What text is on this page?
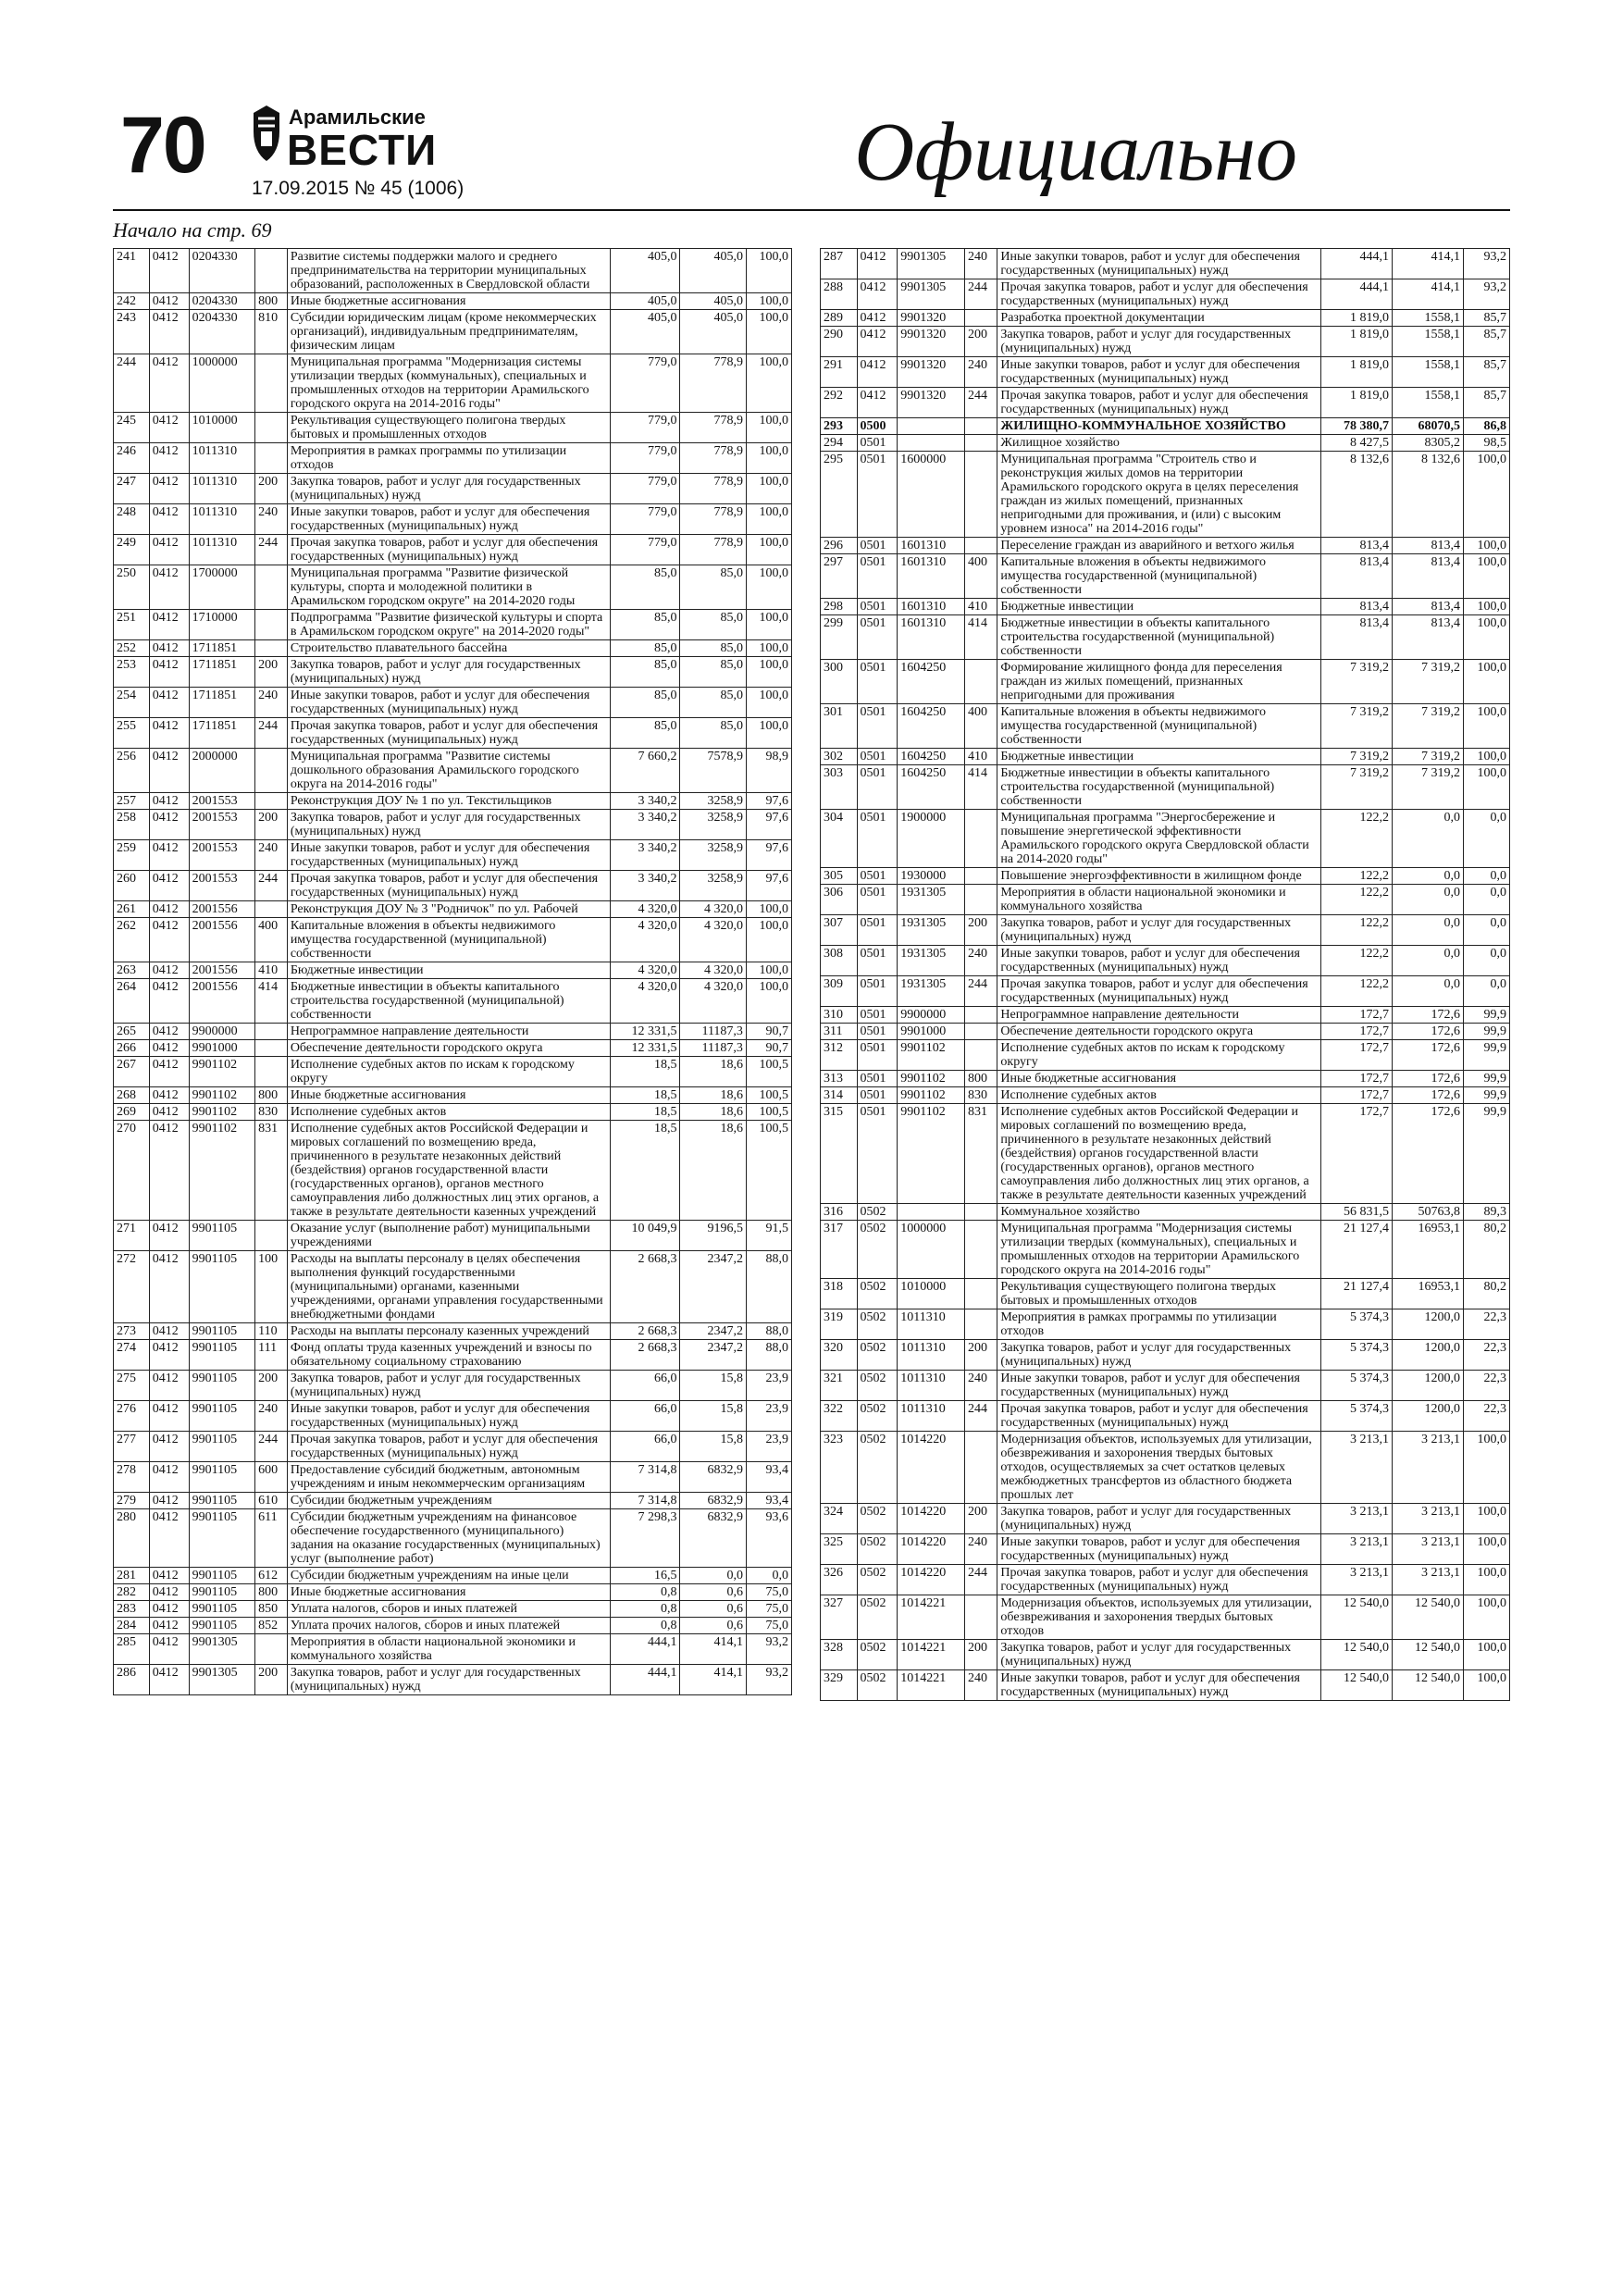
70	Арамильские
ВЕСТИ
17.09.2015 № 45 (1006)	Официально
Начало на стр. 69
241	0412	0204330		Развитие системы поддержки малого и среднего предпринимательства на территории муниципальных образований, расположенных в Свердловской области	405,0	405,0	100,0
242	0412	0204330	800	Иные бюджетные ассигнования	405,0	405,0	100,0
243	0412	0204330	810	Субсидии юридическим лицам (кроме некоммерческих организаций), индивидуальным предпринимателям, физическим лицам	405,0	405,0	100,0
244	0412	1000000		Муниципальная программа "Модернизация системы утилизации твердых (коммунальных), специальных и промышленных отходов на территории Арамильского городского округа на 2014-2016 годы"	779,0	778,9	100,0
245	0412	1010000		Рекультивация существующего полигона твердых бытовых и промышленных отходов	779,0	778,9	100,0
246	0412	1011310		Мероприятия в рамках программы по утилизации отходов	779,0	778,9	100,0
247	0412	1011310	200	Закупка товаров, работ и услуг для государственных (муниципальных) нужд	779,0	778,9	100,0
248	0412	1011310	240	Иные закупки товаров, работ и услуг для обеспечения государственных (муниципальных) нужд	779,0	778,9	100,0
249	0412	1011310	244	Прочая закупка товаров, работ и услуг для обеспечения государственных (муниципальных) нужд	779,0	778,9	100,0
250	0412	1700000		Муниципальная программа "Развитие физической культуры, спорта и молодежной политики в Арамильском городском округе" на 2014-2020 годы	85,0	85,0	100,0
251	0412	1710000		Подпрограмма "Развитие физической культуры и спорта в Арамильском городском округе" на 2014-2020 годы"	85,0	85,0	100,0
252	0412	1711851		Строительство плавательного бассейна	85,0	85,0	100,0
253	0412	1711851	200	Закупка товаров, работ и услуг для государственных (муниципальных) нужд	85,0	85,0	100,0
254	0412	1711851	240	Иные закупки товаров, работ и услуг для обеспечения государственных (муниципальных) нужд	85,0	85,0	100,0
255	0412	1711851	244	Прочая закупка товаров, работ и услуг для обеспечения государственных (муниципальных) нужд	85,0	85,0	100,0
256	0412	2000000		Муниципальная программа "Развитие системы дошкольного образования Арамильского городского округа на 2014-2016 годы"	7 660,2	7578,9	98,9
257	0412	2001553		Реконструкция ДОУ № 1 по ул. Текстильщиков	3 340,2	3258,9	97,6
258	0412	2001553	200	Закупка товаров, работ и услуг для государственных (муниципальных) нужд	3 340,2	3258,9	97,6
259	0412	2001553	240	Иные закупки товаров, работ и услуг для обеспечения государственных (муниципальных) нужд	3 340,2	3258,9	97,6
260	0412	2001553	244	Прочая закупка товаров, работ и услуг для обеспечения государственных (муниципальных) нужд	3 340,2	3258,9	97,6
261	0412	2001556		Реконструкция ДОУ № 3 "Родничок" по ул. Рабочей	4 320,0	4 320,0	100,0
262	0412	2001556	400	Капитальные вложения в объекты недвижимого имущества государственной (муниципальной) собственности	4 320,0	4 320,0	100,0
263	0412	2001556	410	Бюджетные инвестиции	4 320,0	4 320,0	100,0
264	0412	2001556	414	Бюджетные инвестиции в объекты капитального строительства государственной (муниципальной) собственности	4 320,0	4 320,0	100,0
265	0412	9900000		Непрограммное направление деятельности	12 331,5	11187,3	90,7
266	0412	9901000		Обеспечение деятельности городского округа	12 331,5	11187,3	90,7
267	0412	9901102		Исполнение судебных актов по искам к городскому округу	18,5	18,6	100,5
268	0412	9901102	800	Иные бюджетные ассигнования	18,5	18,6	100,5
269	0412	9901102	830	Исполнение судебных актов	18,5	18,6	100,5
270	0412	9901102	831	Исполнение судебных актов Российской Федерации и мировых соглашений по возмещению вреда, причиненного в результате незаконных действий (бездействия) органов государственной власти (государственных органов), органов местного самоуправления либо должностных лиц этих органов, а также в результате деятельности казенных учреждений	18,5	18,6	100,5
271	0412	9901105		Оказание услуг (выполнение работ) муниципальными учреждениями	10 049,9	9196,5	91,5
272	0412	9901105	100	Расходы на выплаты персоналу в целях обеспечения выполнения функций государственными (муниципальными) органами, казенными учреждениями, органами управления государственными внебюджетными фондами	2 668,3	2347,2	88,0
273	0412	9901105	110	Расходы на выплаты персоналу казенных учреждений	2 668,3	2347,2	88,0
274	0412	9901105	111	Фонд оплаты труда казенных учреждений и взносы по обязательному социальному страхованию	2 668,3	2347,2	88,0
275	0412	9901105	200	Закупка товаров, работ и услуг для государственных (муниципальных) нужд	66,0	15,8	23,9
276	0412	9901105	240	Иные закупки товаров, работ и услуг для обеспечения государственных (муниципальных) нужд	66,0	15,8	23,9
277	0412	9901105	244	Прочая закупка товаров, работ и услуг для обеспечения государственных (муниципальных) нужд	66,0	15,8	23,9
278	0412	9901105	600	Предоставление субсидий бюджетным, автономным учреждениям и иным некоммерческим организациям	7 314,8	6832,9	93,4
279	0412	9901105	610	Субсидии бюджетным учреждениям	7 314,8	6832,9	93,4
280	0412	9901105	611	Субсидии бюджетным учреждениям на финансовое обеспечение государственного (муниципального) задания на оказание государственных (муниципальных) услуг (выполнение работ)	7 298,3	6832,9	93,6
281	0412	9901105	612	Субсидии бюджетным учреждениям на иные цели	16,5	0,0	0,0
282	0412	9901105	800	Иные бюджетные ассигнования	0,8	0,6	75,0
283	0412	9901105	850	Уплата налогов, сборов и иных платежей	0,8	0,6	75,0
284	0412	9901105	852	Уплата прочих налогов, сборов и иных платежей	0,8	0,6	75,0
285	0412	9901305		Мероприятия в области национальной экономики и коммунального хозяйства	444,1	414,1	93,2
286	0412	9901305	200	Закупка товаров, работ и услуг для государственных (муниципальных) нужд	444,1	414,1	93,2
287	0412	9901305	240	Иные закупки товаров, работ и услуг для обеспечения государственных (муниципальных) нужд	444,1	414,1	93,2
288	0412	9901305	244	Прочая закупка товаров, работ и услуг для обеспечения государственных (муниципальных) нужд	444,1	414,1	93,2
289	0412	9901320		Разработка проектной документации	1 819,0	1558,1	85,7
290	0412	9901320	200	Закупка товаров, работ и услуг для государственных (муниципальных) нужд	1 819,0	1558,1	85,7
291	0412	9901320	240	Иные закупки товаров, работ и услуг для обеспечения государственных (муниципальных) нужд	1 819,0	1558,1	85,7
292	0412	9901320	244	Прочая закупка товаров, работ и услуг для обеспечения государственных (муниципальных) нужд	1 819,0	1558,1	85,7
293	0500			ЖИЛИЩНО-КОММУНАЛЬНОЕ ХОЗЯЙСТВО	78 380,7	68070,5	86,8
294	0501			Жилищное хозяйство	8 427,5	8305,2	98,5
295	0501	1600000		Муниципальная программа "Строитель ство и реконструкция жилых домов на территории Арамильского городского округа в целях переселения граждан из жилых помещений, признанных непригодными для проживания, и (или) с высоким уровнем износа" на 2014-2016 годы"	8 132,6	8 132,6	100,0
296	0501	1601310		Переселение граждан из аварийного и ветхого жилья	813,4	813,4	100,0
297	0501	1601310	400	Капитальные вложения в объекты недвижимого имущества государственной (муниципальной) собственности	813,4	813,4	100,0
298	0501	1601310	410	Бюджетные инвестиции	813,4	813,4	100,0
299	0501	1601310	414	Бюджетные инвестиции в объекты капитального строительства государственной (муниципальной) собственности	813,4	813,4	100,0
300	0501	1604250		Формирование жилищного фонда для переселения граждан из жилых помещений, признанных непригодными для проживания	7 319,2	7 319,2	100,0
301	0501	1604250	400	Капитальные вложения в объекты недвижимого имущества государственной (муниципальной) собственности	7 319,2	7 319,2	100,0
302	0501	1604250	410	Бюджетные инвестиции	7 319,2	7 319,2	100,0
303	0501	1604250	414	Бюджетные инвестиции в объекты капитального строительства государственной (муниципальной) собственности	7 319,2	7 319,2	100,0
304	0501	1900000		Муниципальная программа "Энергосбережение и повышение энергетической эффективности Арамильского городского округа Свердловской области на 2014-2020 годы"	122,2	0,0	0,0
305	0501	1930000		Повышение энергоэффективности в жилищном фонде	122,2	0,0	0,0
306	0501	1931305		Мероприятия в области национальной экономики и коммунального хозяйства	122,2	0,0	0,0
307	0501	1931305	200	Закупка товаров, работ и услуг для государственных (муниципальных) нужд	122,2	0,0	0,0
308	0501	1931305	240	Иные закупки товаров, работ и услуг для обеспечения государственных (муниципальных) нужд	122,2	0,0	0,0
309	0501	1931305	244	Прочая закупка товаров, работ и услуг для обеспечения государственных (муниципальных) нужд	122,2	0,0	0,0
310	0501	9900000		Непрограммное направление деятельности	172,7	172,6	99,9
311	0501	9901000		Обеспечение деятельности городского округа	172,7	172,6	99,9
312	0501	9901102		Исполнение судебных актов по искам к городскому округу	172,7	172,6	99,9
313	0501	9901102	800	Иные бюджетные ассигнования	172,7	172,6	99,9
314	0501	9901102	830	Исполнение судебных актов	172,7	172,6	99,9
315	0501	9901102	831	Исполнение судебных актов Российской Федерации и мировых соглашений по возмещению вреда, причиненного в результате незаконных действий (бездействия) органов государственной власти (государственных органов), органов местного самоуправления либо должностных лиц этих органов, а также в результате деятельности казенных учреждений	172,7	172,6	99,9
316	0502			Коммунальное хозяйство	56 831,5	50763,8	89,3
317	0502	1000000		Муниципальная программа "Модернизация системы утилизации твердых (коммунальных), специальных и промышленных отходов на территории Арамильского городского округа на 2014-2016 годы"	21 127,4	16953,1	80,2
318	0502	1010000		Рекультивация существующего полигона твердых бытовых и промышленных отходов	21 127,4	16953,1	80,2
319	0502	1011310		Мероприятия в рамках программы по утилизации отходов	5 374,3	1200,0	22,3
320	0502	1011310	200	Закупка товаров, работ и услуг для государственных (муниципальных) нужд	5 374,3	1200,0	22,3
321	0502	1011310	240	Иные закупки товаров, работ и услуг для обеспечения государственных (муниципальных) нужд	5 374,3	1200,0	22,3
322	0502	1011310	244	Прочая закупка товаров, работ и услуг для обеспечения государственных (муниципальных) нужд	5 374,3	1200,0	22,3
323	0502	1014220		Модернизация объектов, используемых для утилизации, обезвреживания и захоронения твердых бытовых отходов, осуществляемых за счет остатков целевых межбюджетных трансфертов из областного бюджета прошлых лет	3 213,1	3 213,1	100,0
324	0502	1014220	200	Закупка товаров, работ и услуг для государственных (муниципальных) нужд	3 213,1	3 213,1	100,0
325	0502	1014220	240	Иные закупки товаров, работ и услуг для обеспечения государственных (муниципальных) нужд	3 213,1	3 213,1	100,0
326	0502	1014220	244	Прочая закупка товаров, работ и услуг для обеспечения государственных (муниципальных) нужд	3 213,1	3 213,1	100,0
327	0502	1014221		Модернизация объектов, используемых для утилизации, обезвреживания и захоронения твердых бытовых отходов	12 540,0	12 540,0	100,0
328	0502	1014221	200	Закупка товаров, работ и услуг для государственных (муниципальных) нужд	12 540,0	12 540,0	100,0
329	0502	1014221	240	Иные закупки товаров, работ и услуг для обеспечения государственных (муниципальных) нужд	12 540,0	12 540,0	100,0
